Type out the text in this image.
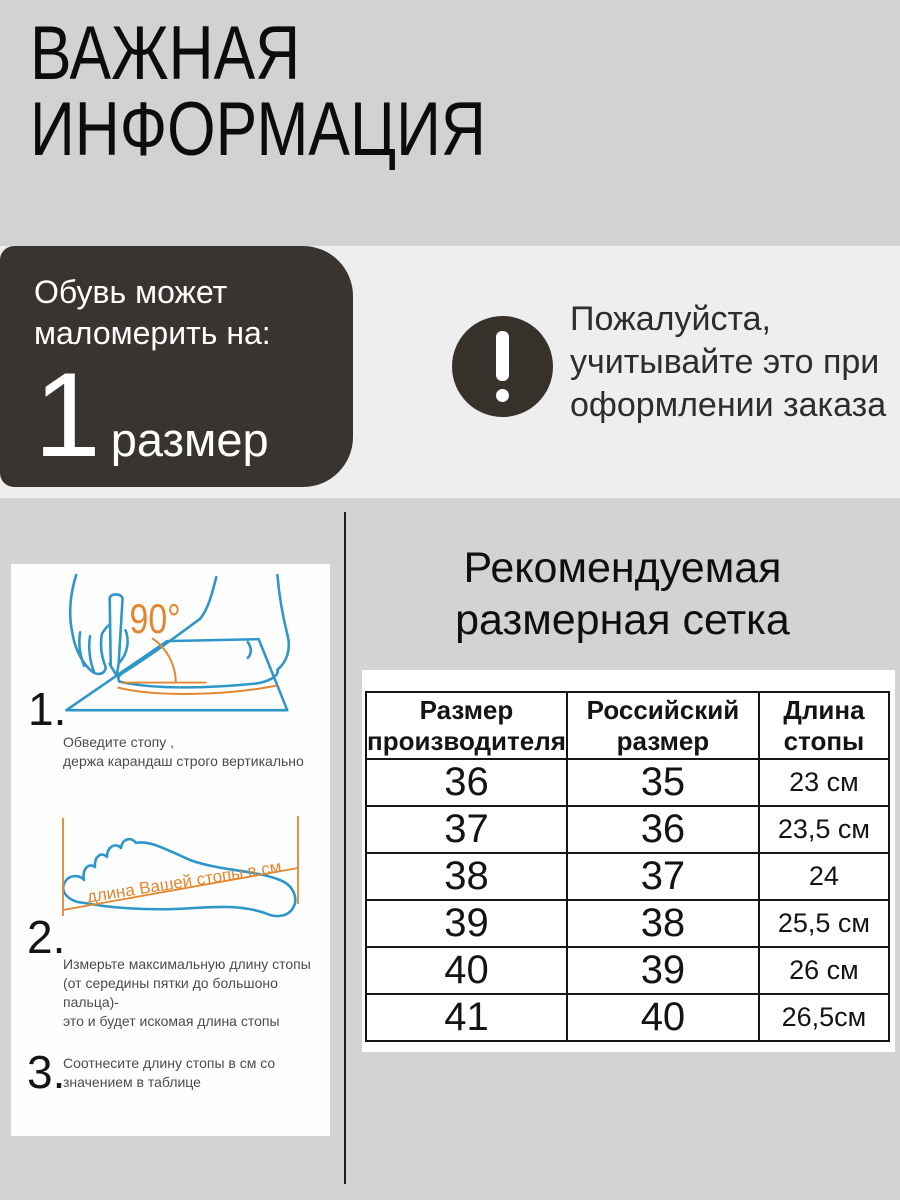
ВАЖНАЯ
ИНФОРМАЦИЯ
Обувь может
маломерить на:
1 размер
Пожалуйста,
учитывайте это при
оформлении заказа
90°
1.
Обведите стопу ,
держа карандаш строго вертикально
длина Вашей стопы в см
2.
Измерьте максимальную длину стопы
(от середины пятки до большоно пальца)-
это и будет искомая длина стопы
3.
Соотнесите длину стопы в см со
значением в таблице
Рекомендуемая
размерная сетка
Размер
производителя

Российский
размер

Длина
стопы

36	35	23 см
37	36	23,5 см
38	37	24
39	38	25,5 см
40	39	26 см
41	40	26,5см
